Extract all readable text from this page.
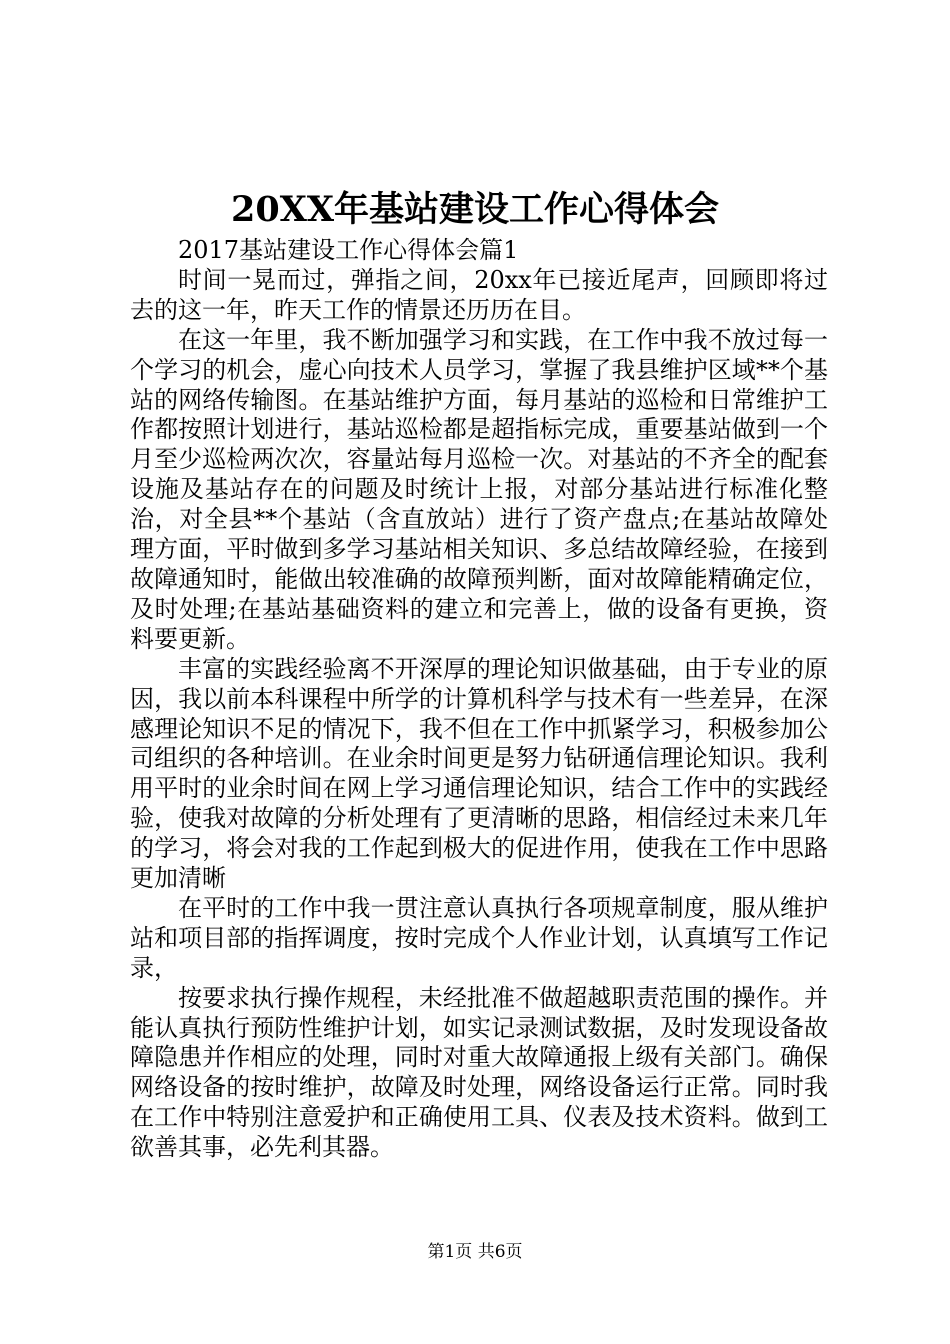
20XX年基站建设工作心得体会

2017基站建设工作心得体会篇1

时间一晃而过，弹指之间，20xx年已接近尾声，回顾即将过去的这一年，昨天工作的情景还历历在目。

在这一年里，我不断加强学习和实践，在工作中我不放过每一个学习的机会，虚心向技术人员学习，掌握了我县维护区域**个基站的网络传输图。在基站维护方面，每月基站的巡检和日常维护工作都按照计划进行，基站巡检都是超指标完成，重要基站做到一个月至少巡检两次次，容量站每月巡检一次。对基站的不齐全的配套设施及基站存在的问题及时统计上报，对部分基站进行标准化整治，对全县**个基站（含直放站）进行了资产盘点;在基站故障处理方面，平时做到多学习基站相关知识、多总结故障经验，在接到故障通知时，能做出较准确的故障预判断，面对故障能精确定位，及时处理;在基站基础资料的建立和完善上，做的设备有更换，资料要更新。

丰富的实践经验离不开深厚的理论知识做基础，由于专业的原因，我以前本科课程中所学的计算机科学与技术有一些差异，在深感理论知识不足的情况下，我不但在工作中抓紧学习，积极参加公司组织的各种培训。在业余时间更是努力钻研通信理论知识。我利用平时的业余时间在网上学习通信理论知识，结合工作中的实践经验，使我对故障的分析处理有了更清晰的思路，相信经过未来几年的学习，将会对我的工作起到极大的促进作用，使我在工作中思路更加清晰

在平时的工作中我一贯注意认真执行各项规章制度，服从维护站和项目部的指挥调度，按时完成个人作业计划，认真填写工作记录，

按要求执行操作规程，未经批准不做超越职责范围的操作。并能认真执行预防性维护计划，如实记录测试数据，及时发现设备故障隐患并作相应的处理，同时对重大故障通报上级有关部门。确保网络设备的按时维护，故障及时处理，网络设备运行正常。同时我在工作中特别注意爱护和正确使用工具、仪表及技术资料。做到工欲善其事，必先利其器。

第1页 共6页
